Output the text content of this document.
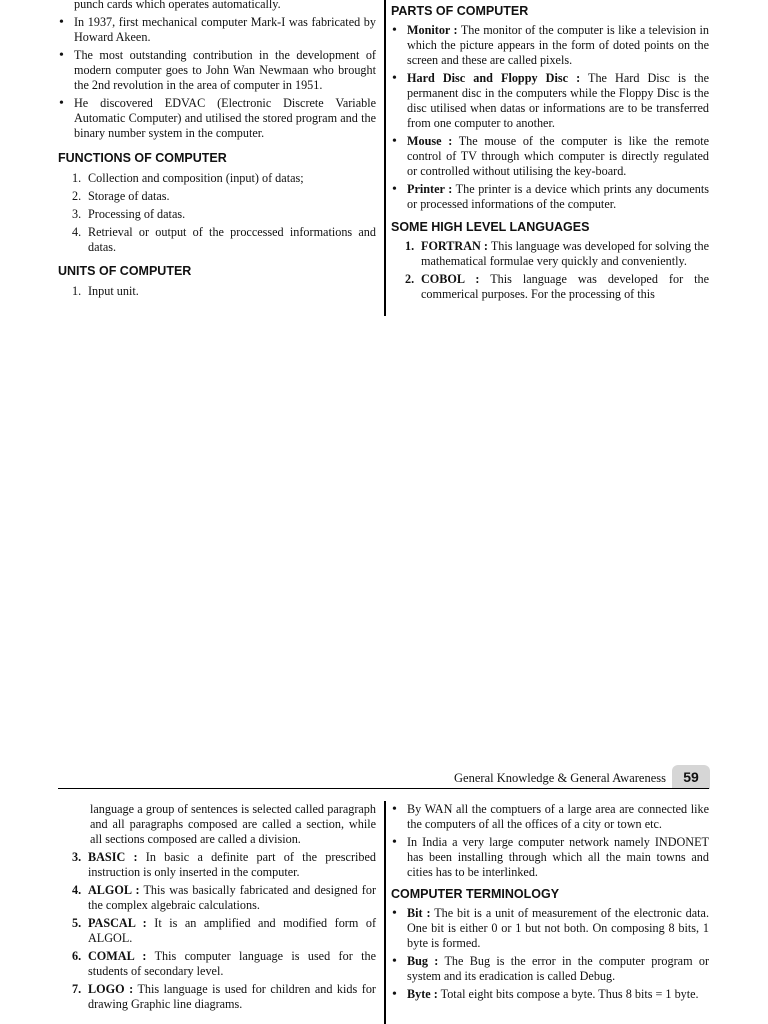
punch cards which operates automatically.
• In 1937, first mechanical computer Mark-I was fabricated by Howard Akeen.
• The most outstanding contribution in the development of modern computer goes to John Wan Newmaan who brought the 2nd revolution in the area of computer in 1951.
• He discovered EDVAC (Electronic Discrete Variable Automatic Computer) and utilised the stored program and the binary number system in the computer.
FUNCTIONS OF COMPUTER
1. Collection and composition (input) of datas;
2. Storage of datas.
3. Processing of datas.
4. Retrieval or output of the proccessed informations and datas.
UNITS OF COMPUTER
1. Input unit.
PARTS OF COMPUTER
• Monitor : The monitor of the computer is like a television in which the picture appears in the form of doted points on the screen and these are called pixels.
• Hard Disc and Floppy Disc : The Hard Disc is the permanent disc in the computers while the Floppy Disc is the disc utilised when datas or informations are to be transferred from one computer to another.
• Mouse : The mouse of the computer is like the remote control of TV through which computer is directly regulated or controlled without utilising the key-board.
• Printer : The printer is a device which prints any documents or processed informations of the computer.
SOME HIGH LEVEL LANGUAGES
1. FORTRAN : This language was developed for solving the mathematical formulae very quickly and conveniently.
2. COBOL : This language was developed for the commerical purposes. For the processing of this
General Knowledge & General Awareness	59
language a group of sentences is selected called paragraph and all paragraphs composed are called a section, while all sections composed are called a division.
3. BASIC : In basic a definite part of the prescribed instruction is only inserted in the computer.
4. ALGOL : This was basically fabricated and designed for the complex algebraic calculations.
5. PASCAL : It is an amplified and modified form of ALGOL.
6. COMAL : This computer language is used for the students of secondary level.
7. LOGO : This language is used for children and kids for drawing Graphic line diagrams.
• By WAN all the comptuers of a large area are connected like the computers of all the offices of a city or town etc.
• In India a very large computer network namely INDONET has been installing through which all the main towns and cities has to be interlinked.
COMPUTER TERMINOLOGY
• Bit : The bit is a unit of measurement of the electronic data. One bit is either 0 or 1 but not both. On composing 8 bits, 1 byte is formed.
• Bug : The Bug is the error in the computer program or system and its eradication is called Debug.
• Byte : Total eight bits compose a byte. Thus 8 bits = 1 byte.
